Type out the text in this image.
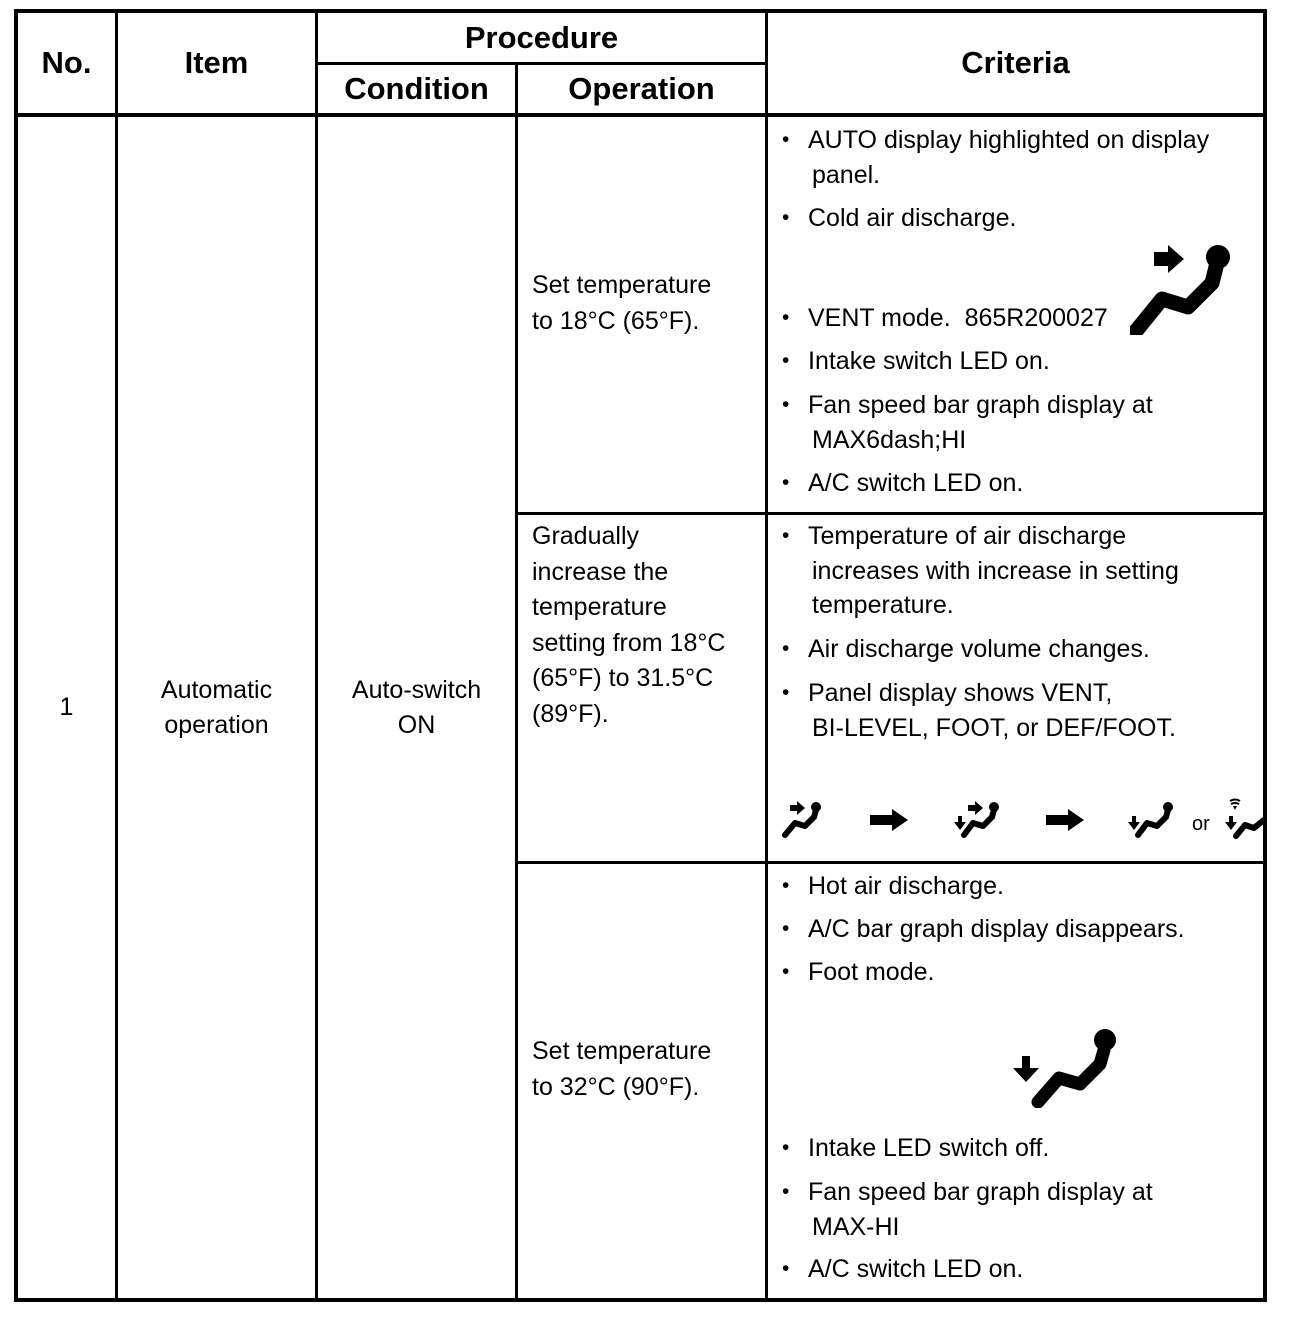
No.	Item
Procedure
Condition	Operation
Criteria
1
Automatic
operation
Auto-switch
ON
Set temperature
to 18°C (65°F).
Gradually
increase the
temperature
setting from 18°C
(65°F) to 31.5°C
(89°F).
Set temperature
to 32°C (90°F).
• AUTO display highlighted on display
panel.
• Cold air discharge.
• VENT mode. 865R200027
• Intake switch LED on.
• Fan speed bar graph display at
MAX6dash;HI
• A/C switch LED on.
• Temperature of air discharge
increases with increase in setting
temperature.
• Air discharge volume changes.
• Panel display shows VENT,
BI-LEVEL, FOOT, or DEF/FOOT.
or
• Hot air discharge.
• A/C bar graph display disappears.
• Foot mode.
• Intake LED switch off.
• Fan speed bar graph display at
MAX-HI
• A/C switch LED on.
